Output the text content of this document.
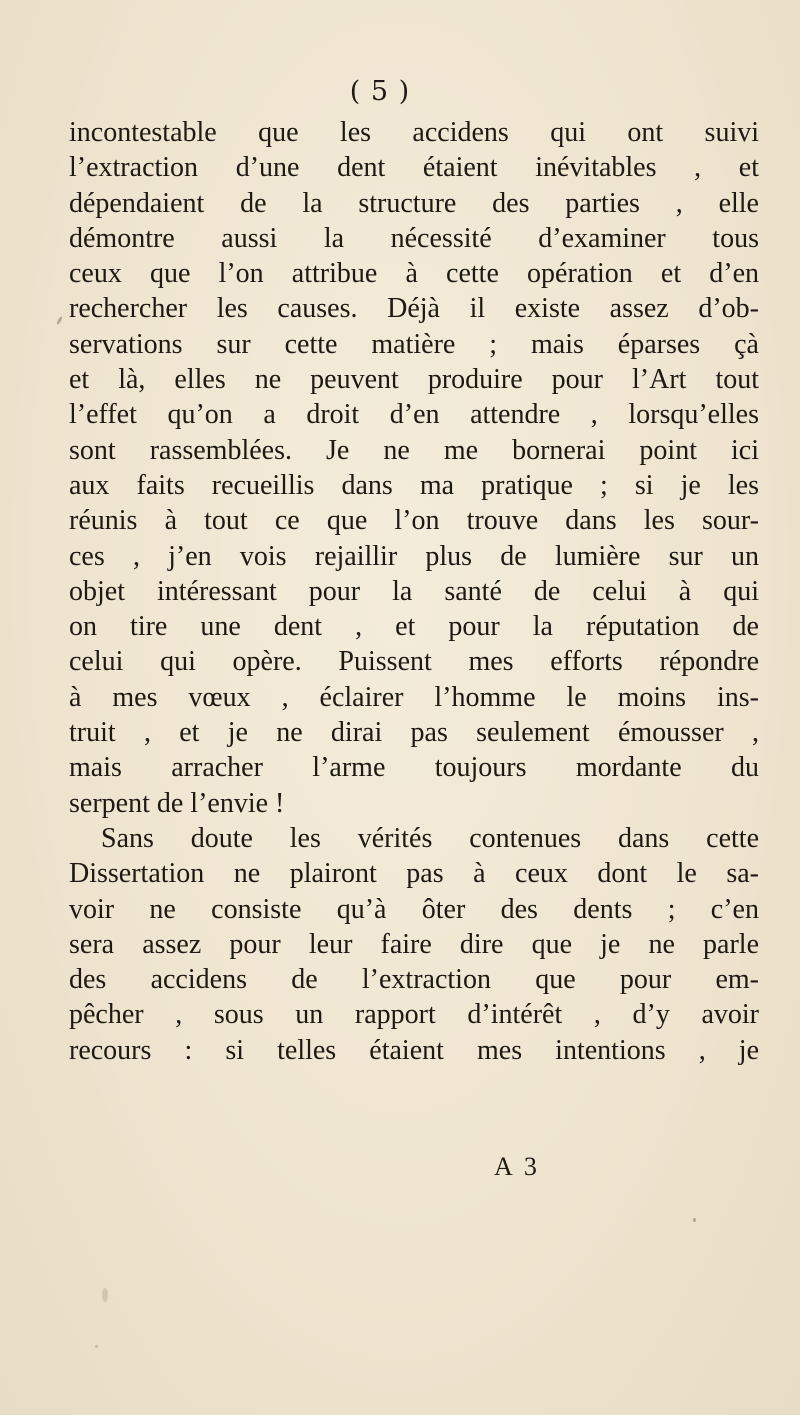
( 5 )
incontestable que les accidens qui ont suivi
l’extraction d’une dent étaient inévitables , et
dépendaient de la structure des parties , elle
démontre aussi la nécessité d’examiner tous
ceux que l’on attribue à cette opération et d’en
rechercher les causes. Déjà il existe assez d’ob-
servations sur cette matière ; mais éparses çà
et là, elles ne peuvent produire pour l’Art tout
l’effet qu’on a droit d’en attendre , lorsqu’elles
sont rassemblées. Je ne me bornerai point ici
aux faits recueillis dans ma pratique ; si je les
réunis à tout ce que l’on trouve dans les sour-
ces , j’en vois rejaillir plus de lumière sur un
objet intéressant pour la santé de celui à qui
on tire une dent , et pour la réputation de
celui qui opère. Puissent mes efforts répondre
à mes vœux , éclairer l’homme le moins ins-
truit , et je ne dirai pas seulement émousser ,
mais arracher l’arme toujours mordante du
serpent de l’envie !
Sans doute les vérités contenues dans cette
Dissertation ne plairont pas à ceux dont le sa-
voir ne consiste qu’à ôter des dents ; c’en
sera assez pour leur faire dire que je ne parle
des accidens de l’extraction que pour em-
pêcher , sous un rapport d’intérêt , d’y avoir
recours : si telles étaient mes intentions , je
A 3
